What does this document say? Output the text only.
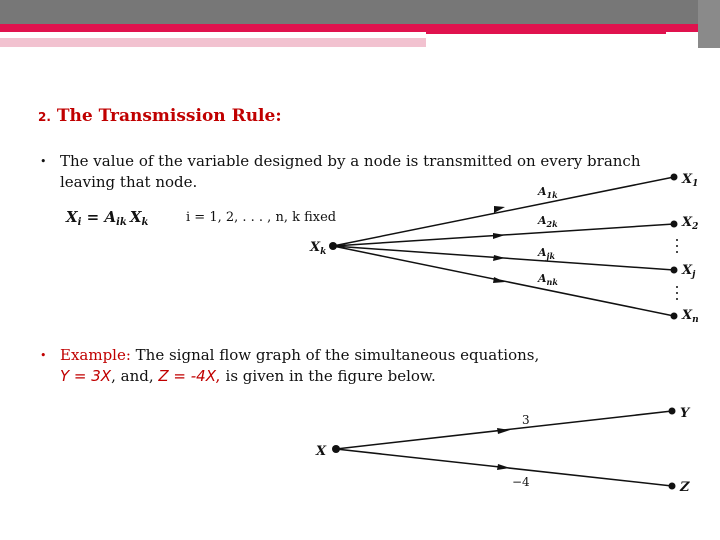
2. The Transmission Rule:
• The value of the variable designed by a node is transmitted on every branch
leaving that node.
• Example: The signal flow graph of the simultaneous equations,
Y = 3X, and, Z = -4X, is given in the figure below.
$X_i = A_{ik}$ $X_k$	i = 1, 2, . . . , n, k fixed
$X_k$
$A_{1k}$
$A_{2k}$
$A_{jk}$
$A_{nk}$
$X_1$
$X_2$
$X_j$
$X_n$
X
3
−4
Y
Z
